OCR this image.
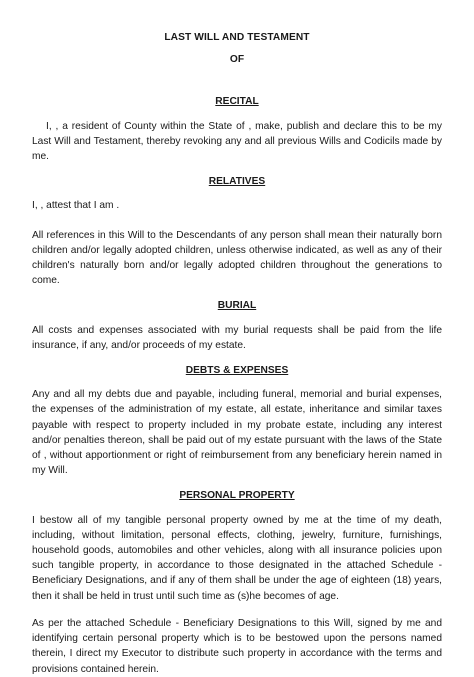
LAST WILL AND TESTAMENT
OF
RECITAL

I, , a resident of County within the State of , make, publish and declare this to be my Last Will and Testament, thereby revoking any and all previous Wills and Codicils made by me.

RELATIVES

I, , attest that I am .

All references in this Will to the Descendants of any person shall mean their naturally born children and/or legally adopted children, unless otherwise indicated, as well as any of their children's naturally born and/or legally adopted children throughout the generations to come.

BURIAL

All costs and expenses associated with my burial requests shall be paid from the life insurance, if any, and/or proceeds of my estate.

DEBTS & EXPENSES

Any and all my debts due and payable, including funeral, memorial and burial expenses, the expenses of the administration of my estate, all estate, inheritance and similar taxes payable with respect to property included in my probate estate, including any interest and/or penalties thereon, shall be paid out of my estate pursuant with the laws of the State of , without apportionment or right of reimbursement from any beneficiary herein named in my Will.

PERSONAL PROPERTY

I bestow all of my tangible personal property owned by me at the time of my death, including, without limitation, personal effects, clothing, jewelry, furniture, furnishings, household goods, automobiles and other vehicles, along with all insurance policies upon such tangible property, in accordance to those designated in the attached Schedule - Beneficiary Designations, and if any of them shall be under the age of eighteen (18) years, then it shall be held in trust until such time as (s)he becomes of age.

As per the attached Schedule - Beneficiary Designations to this Will, signed by me and identifying certain personal property which is to be bestowed upon the persons named therein, I direct my Executor to distribute such property in accordance with the terms and provisions contained herein.
